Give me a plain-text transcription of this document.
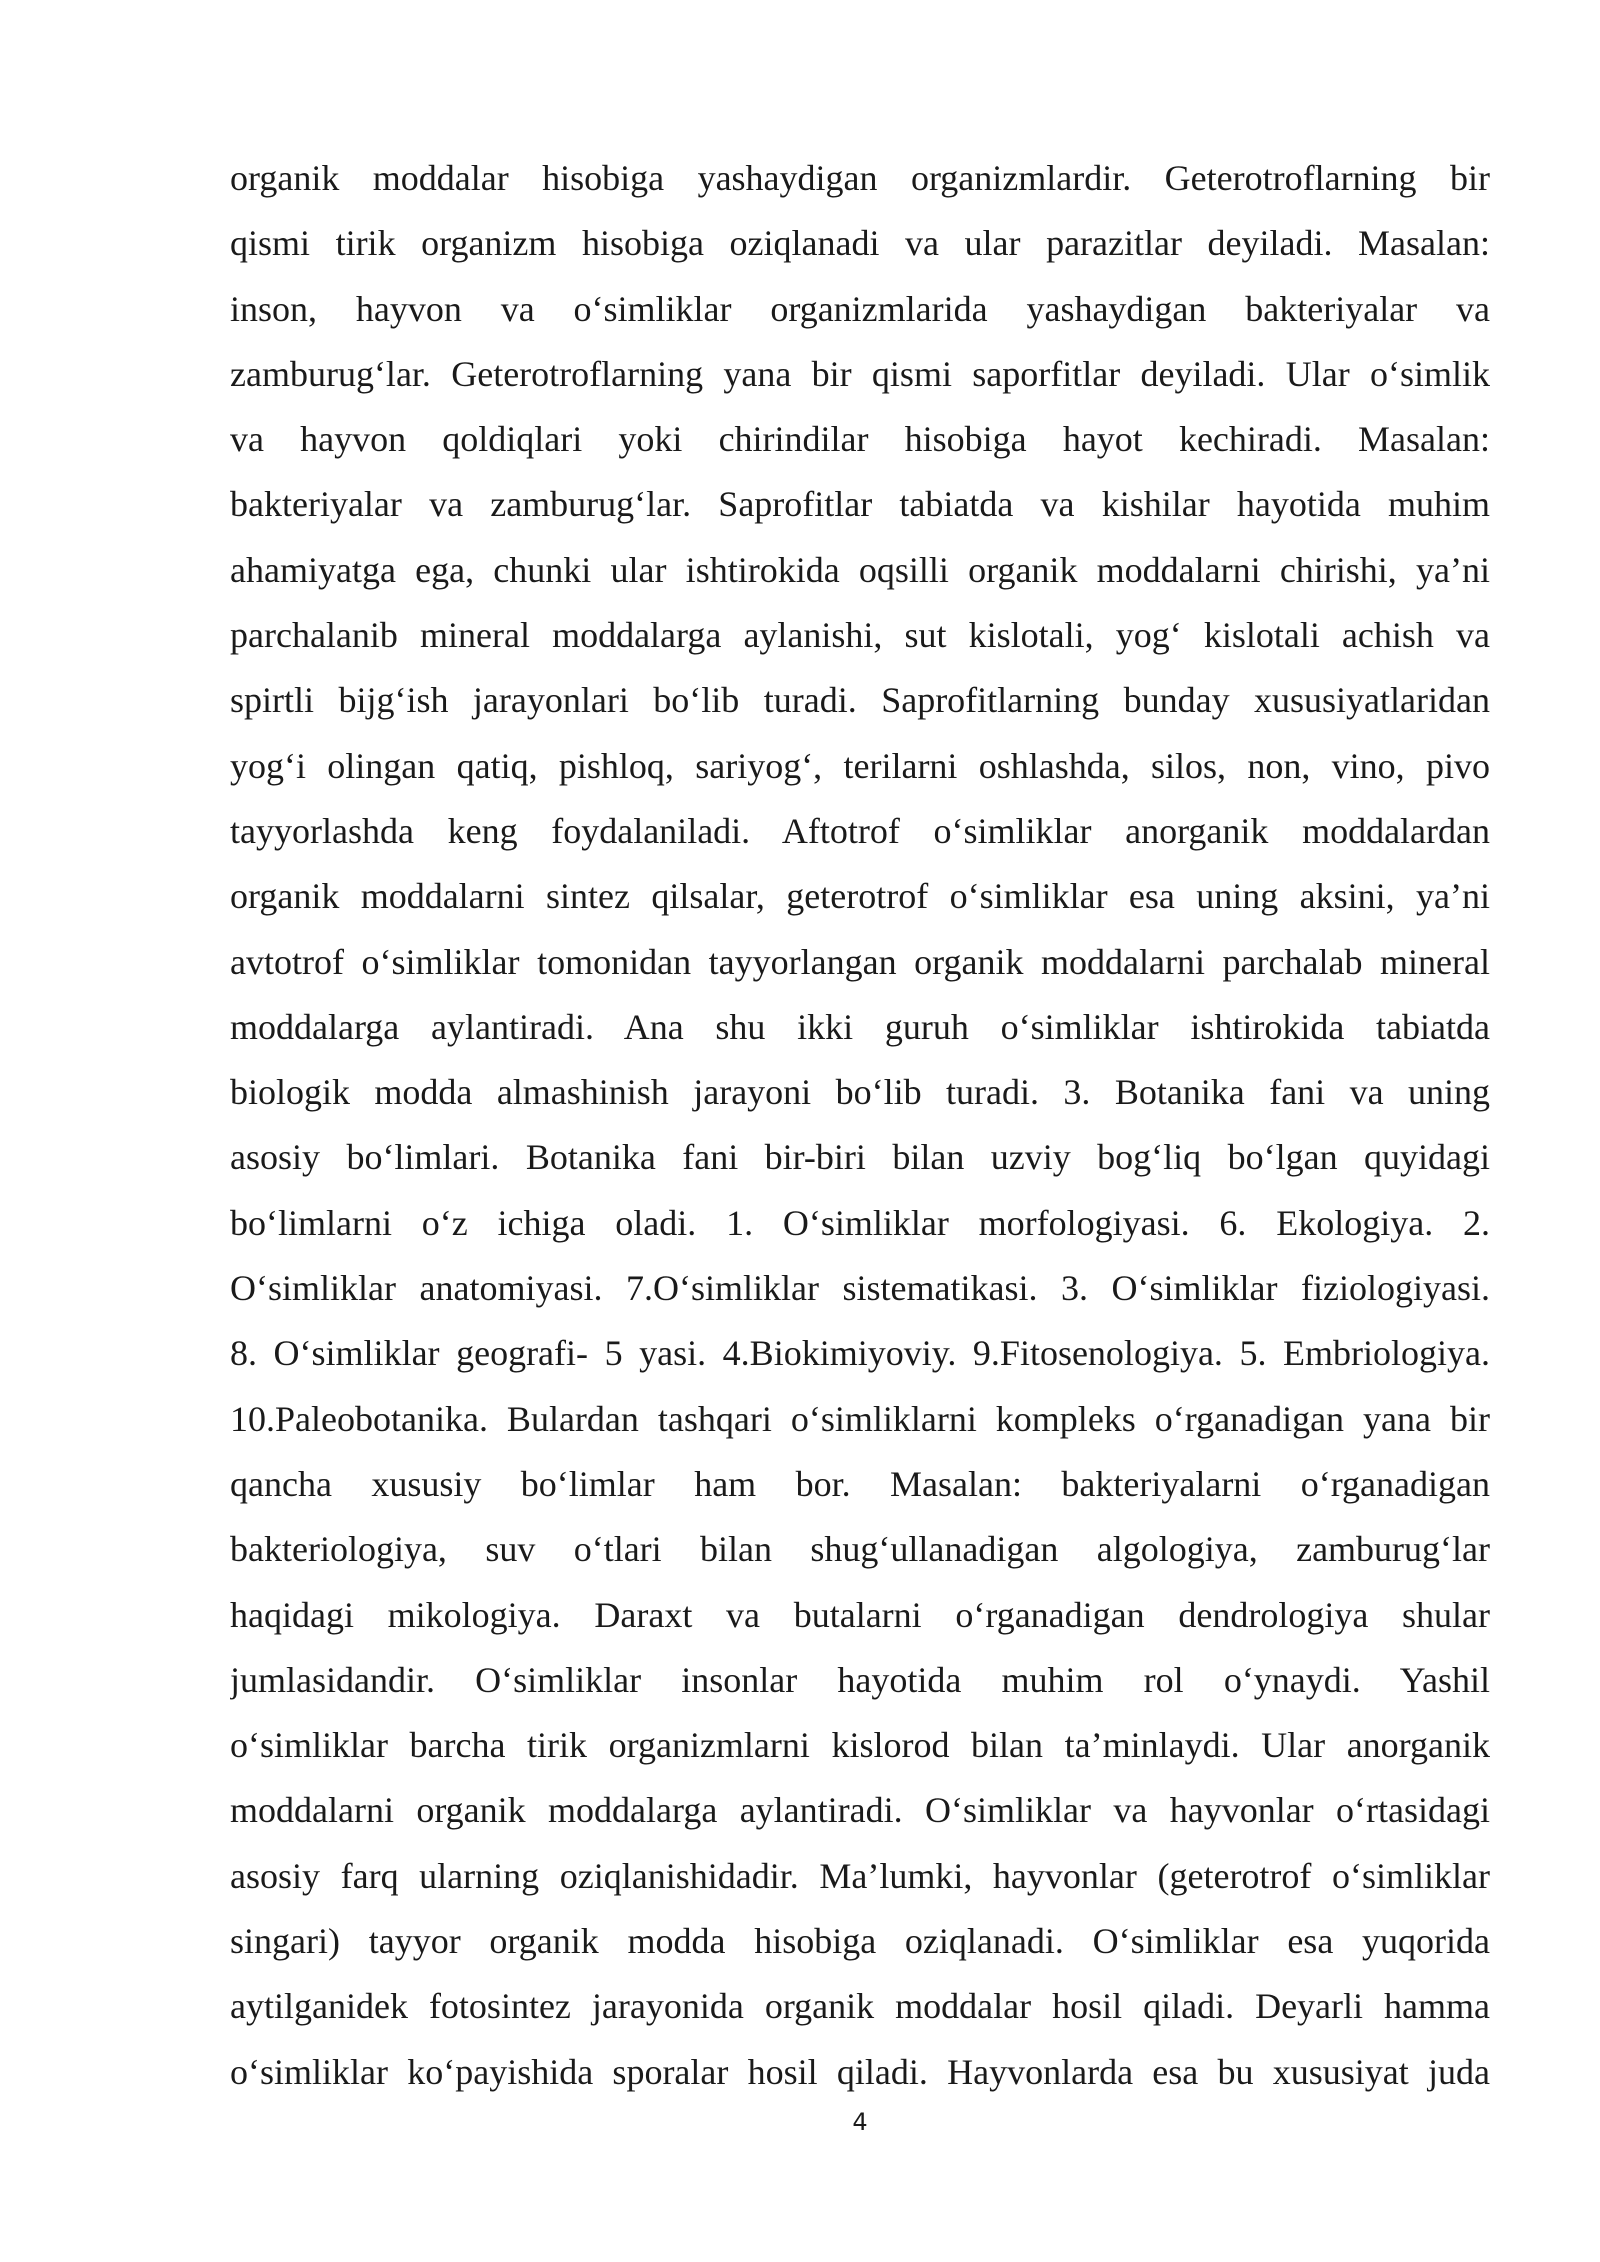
organik moddalar hisobiga yashaydigan organizmlardir. Geterotroflarning bir
qismi tirik organizm hisobiga oziqlanadi va ular parazitlar deyiladi. Masalan:
inson, hayvon va o‘simliklar organizmlarida yashaydigan bakteriyalar va
zamburug‘lar. Geterotroflarning yana bir qismi saporfitlar deyiladi. Ular o‘simlik
va hayvon qoldiqlari yoki chirindilar hisobiga hayot kechiradi. Masalan:
bakteriyalar va zamburug‘lar. Saprofitlar tabiatda va kishilar hayotida muhim
ahamiyatga ega, chunki ular ishtirokida oqsilli organik moddalarni chirishi, ya’ni
parchalanib mineral moddalarga aylanishi, sut kislotali, yog‘ kislotali achish va
spirtli bijg‘ish jarayonlari bo‘lib turadi. Saprofitlarning bunday xususiyatlaridan
yog‘i olingan qatiq, pishloq, sariyog‘, terilarni oshlashda, silos, non, vino, pivo
tayyorlashda keng foydalaniladi. Aftotrof o‘simliklar anorganik moddalardan
organik moddalarni sintez qilsalar, geterotrof o‘simliklar esa uning aksini, ya’ni
avtotrof o‘simliklar tomonidan tayyorlangan organik moddalarni parchalab mineral
moddalarga aylantiradi. Ana shu ikki guruh o‘simliklar ishtirokida tabiatda
biologik modda almashinish jarayoni bo‘lib turadi. 3. Botanika fani va uning
asosiy bo‘limlari. Botanika fani bir-biri bilan uzviy bog‘liq bo‘lgan quyidagi
bo‘limlarni o‘z ichiga oladi. 1. O‘simliklar morfologiyasi. 6. Ekologiya. 2.
O‘simliklar anatomiyasi. 7.O‘simliklar sistematikasi. 3. O‘simliklar fiziologiyasi.
8. O‘simliklar geografi- 5 yasi. 4.Biokimiyoviy. 9.Fitosenologiya. 5. Embriologiya.
10.Paleobotanika. Bulardan tashqari o‘simliklarni kompleks o‘rganadigan yana bir
qancha xususiy bo‘limlar ham bor. Masalan: bakteriyalarni o‘rganadigan
bakteriologiya, suv o‘tlari bilan shug‘ullanadigan algologiya, zamburug‘lar
haqidagi mikologiya. Daraxt va butalarni o‘rganadigan dendrologiya shular
jumlasidandir. O‘simliklar insonlar hayotida muhim rol o‘ynaydi. Yashil
o‘simliklar barcha tirik organizmlarni kislorod bilan ta’minlaydi. Ular anorganik
moddalarni organik moddalarga aylantiradi. O‘simliklar va hayvonlar o‘rtasidagi
asosiy farq ularning oziqlanishidadir. Ma’lumki, hayvonlar (geterotrof o‘simliklar
singari) tayyor organik modda hisobiga oziqlanadi. O‘simliklar esa yuqorida
aytilganidek fotosintez jarayonida organik moddalar hosil qiladi. Deyarli hamma
o‘simliklar ko‘payishida sporalar hosil qiladi. Hayvonlarda esa bu xususiyat juda
4
